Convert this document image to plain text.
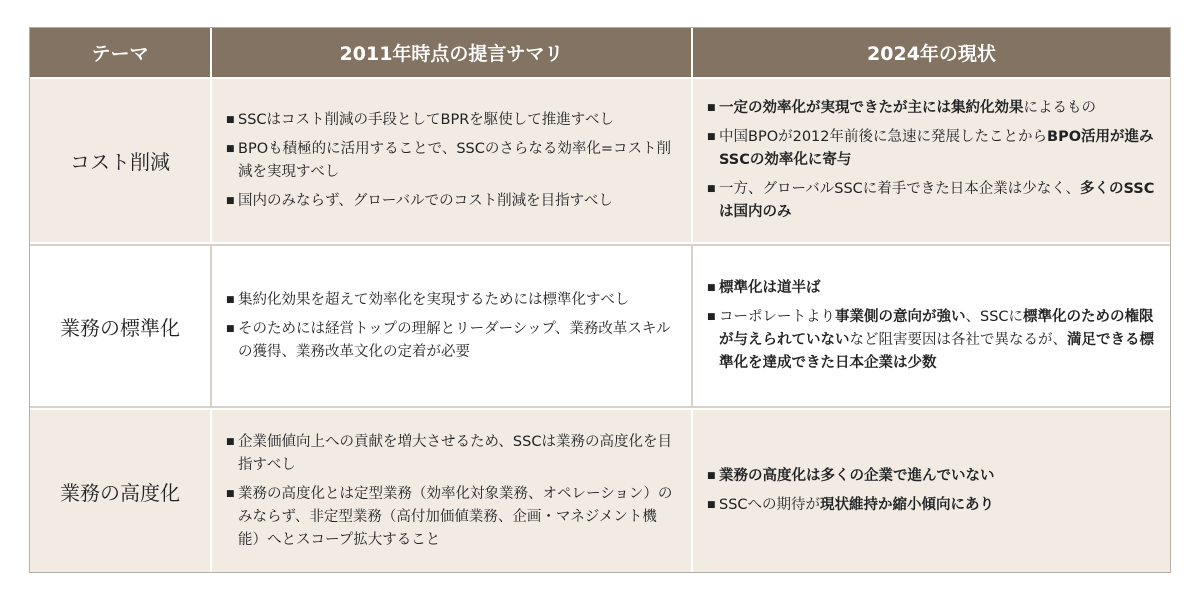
テーマ	2011年時点の提言サマリ	2024年の現状
コスト削減
■ SSCはコスト削減の手段としてBPRを駆使して推進すべし
■ BPOも積極的に活用することで、SSCのさらなる効率化=コスト削減を実現すべし
■ 国内のみならず、グローバルでのコスト削減を目指すべし
■ 一定の効率化が実現できたが主には集約化効果によるもの
■ 中国BPOが2012年前後に急速に発展したことからBPO活用が進みSSCの効率化に寄与
■ 一方、グローバルSSCに着手できた日本企業は少なく、多くのSSCは国内のみ
業務の標準化
■ 集約化効果を超えて効率化を実現するためには標準化すべし
■ そのためには経営トップの理解とリーダーシップ、業務改革スキルの獲得、業務改革文化の定着が必要
■ 標準化は道半ば
■ コーポレートより事業側の意向が強い、SSCに標準化のための権限が与えられていないなど阻害要因は各社で異なるが、満足できる標準化を達成できた日本企業は少数
業務の高度化
■ 企業価値向上への貢献を増大させるため、SSCは業務の高度化を目指すべし
■ 業務の高度化とは定型業務（効率化対象業務、オペレーション）のみならず、非定型業務（高付加価値業務、企画・マネジメント機能）へとスコープ拡大すること
■ 業務の高度化は多くの企業で進んでいない
■ SSCへの期待が現状維持か縮小傾向にあり
